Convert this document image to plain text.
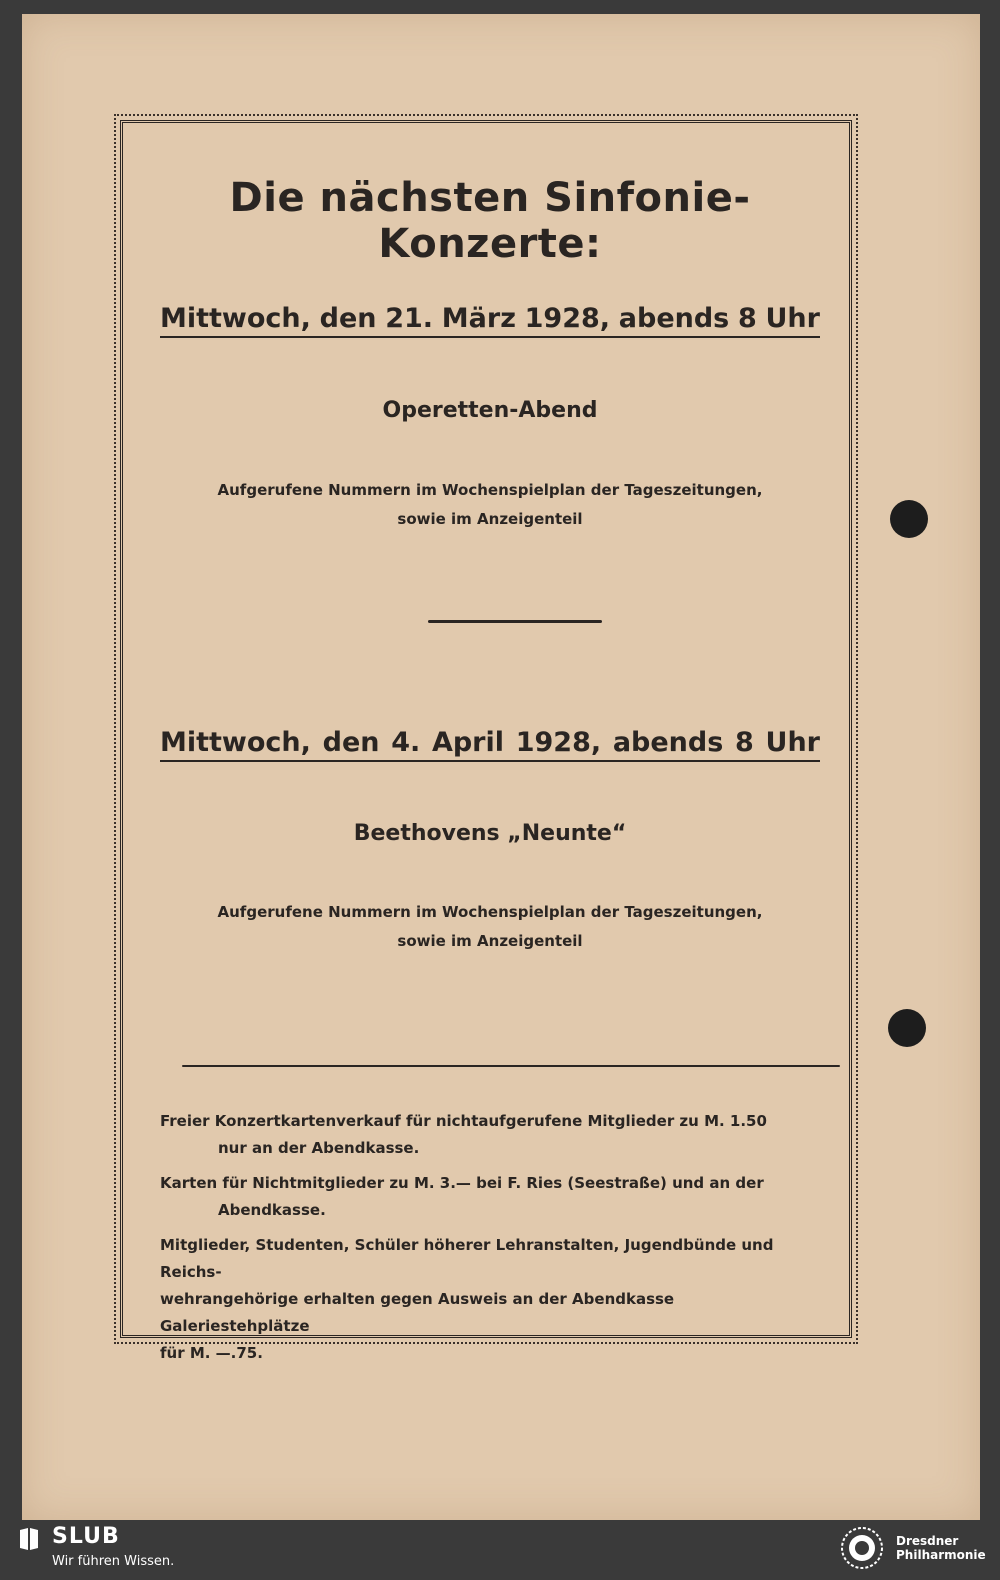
Die nächsten Sinfonie-Konzerte:
Mittwoch, den 21. März 1928, abends 8 Uhr
Operetten-Abend
Aufgerufene Nummern im Wochenspielplan der Tageszeitungen,
sowie im Anzeigenteil
Mittwoch, den 4. April 1928, abends 8 Uhr
Beethovens „Neunte“
Aufgerufene Nummern im Wochenspielplan der Tageszeitungen,
sowie im Anzeigenteil

Freier Konzertkartenverkauf für nichtaufgerufene Mitglieder zu M. 1.50
nur an der Abendkasse.

Karten für Nichtmitglieder zu M. 3.— bei F. Ries (Seestraße) und an der
Abendkasse.

Mitglieder, Studenten, Schüler höherer Lehranstalten, Jugendbünde und Reichs-
wehrangehörige erhalten gegen Ausweis an der Abendkasse Galeriestehplätze
für M. —.75.

SLUB
Wir führen Wissen.
Dresdner
Philharmonie
